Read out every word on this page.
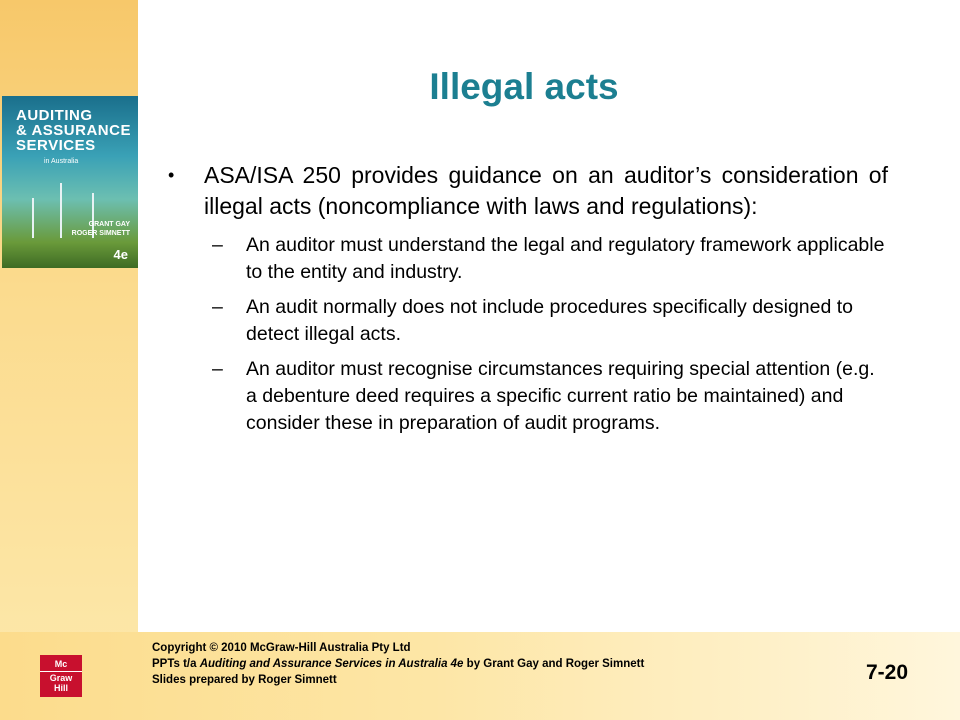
AUDITING
& ASSURANCE
SERVICES
in Australia
GRANT GAY
ROGER SIMNETT
4e
Illegal acts
• ASA/ISA 250 provides guidance on an auditor’s consideration of illegal acts (noncompliance with laws and regulations):
– An auditor must understand the legal and regulatory framework applicable to the entity and industry.
– An audit normally does not include procedures specifically designed to detect illegal acts.
– An auditor must recognise circumstances requiring special attention (e.g. a debenture deed requires a specific current ratio be maintained) and consider these in preparation of audit programs.
Mc
Graw
Hill
Copyright © 2010 McGraw-Hill Australia Pty Ltd
PPTs t/a Auditing and Assurance Services in Australia 4e by Grant Gay and Roger Simnett
Slides prepared by Roger Simnett	7-20
